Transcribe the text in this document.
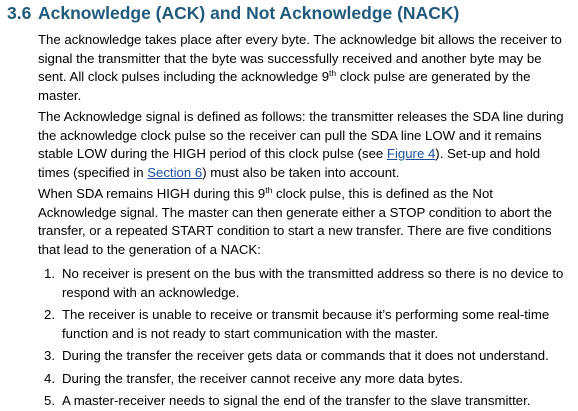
3.6 Acknowledge (ACK) and Not Acknowledge (NACK)

The acknowledge takes place after every byte. The acknowledge bit allows the receiver to signal the transmitter that the byte was successfully received and another byte may be sent. All clock pulses including the acknowledge 9th clock pulse are generated by the master.

The Acknowledge signal is defined as follows: the transmitter releases the SDA line during the acknowledge clock pulse so the receiver can pull the SDA line LOW and it remains stable LOW during the HIGH period of this clock pulse (see Figure 4). Set-up and hold times (specified in Section 6) must also be taken into account.

When SDA remains HIGH during this 9th clock pulse, this is defined as the Not Acknowledge signal. The master can then generate either a STOP condition to abort the transfer, or a repeated START condition to start a new transfer. There are five conditions that lead to the generation of a NACK:

1. No receiver is present on the bus with the transmitted address so there is no device to respond with an acknowledge.
2. The receiver is unable to receive or transmit because it’s performing some real-time function and is not ready to start communication with the master.
3. During the transfer the receiver gets data or commands that it does not understand.
4. During the transfer, the receiver cannot receive any more data bytes.
5. A master-receiver needs to signal the end of the transfer to the slave transmitter.
